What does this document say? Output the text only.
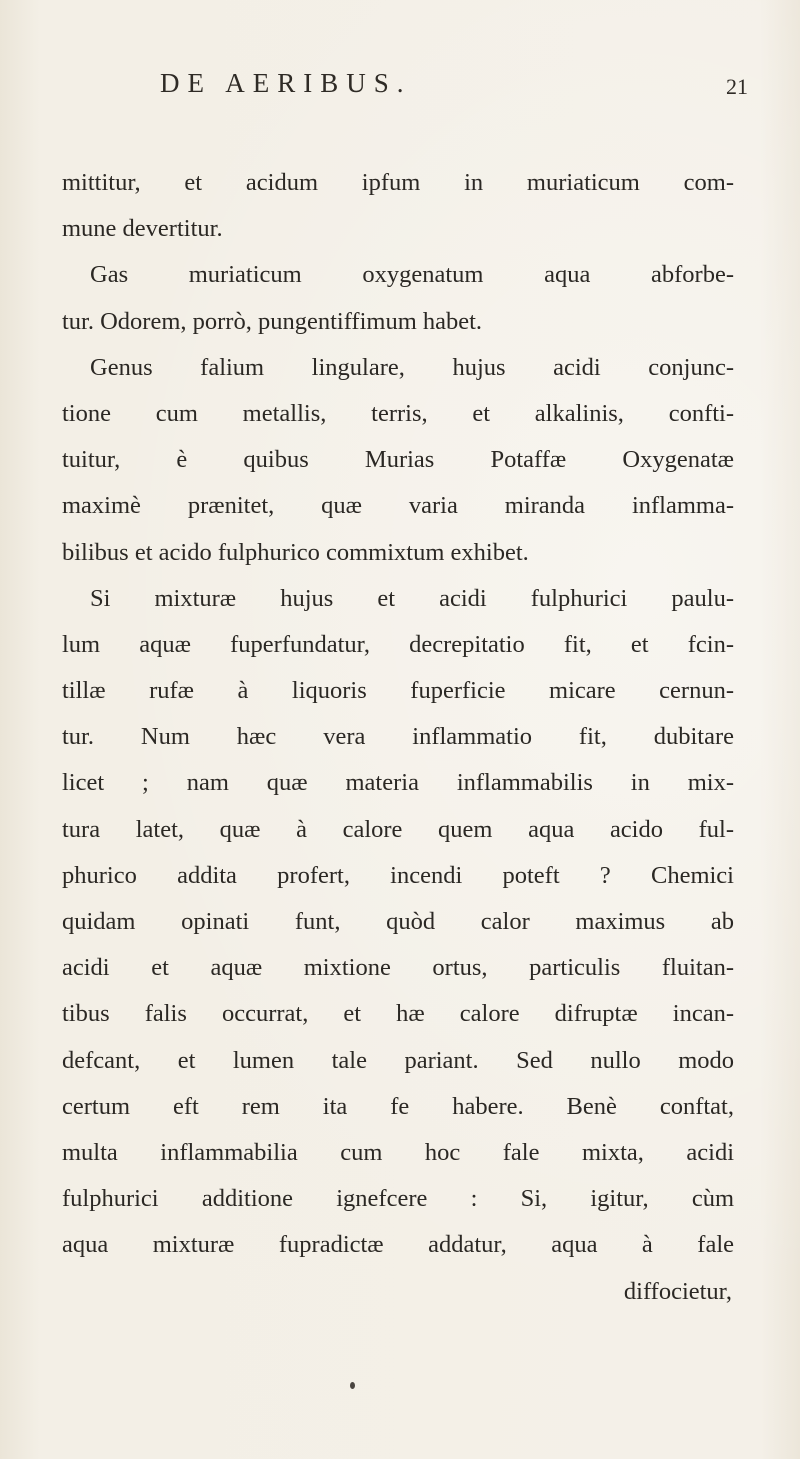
DE AERIBUS.	21
mittitur, et acidum ipfum in muriaticum com-
mune devertitur.
Gas muriaticum oxygenatum aqua abforbe-
tur. Odorem, porrò, pungentiffimum habet.
Genus falium lingulare, hujus acidi conjunc-
tione cum metallis, terris, et alkalinis, confti-
tuitur, è quibus Murias Potaffæ Oxygenatæ
maximè prænitet, quæ varia miranda inflamma-
bilibus et acido fulphurico commixtum exhibet.
Si mixturæ hujus et acidi fulphurici paulu-
lum aquæ fuperfundatur, decrepitatio fit, et fcin-
tillæ rufæ à liquoris fuperficie micare cernun-
tur. Num hæc vera inflammatio fit, dubitare
licet ; nam quæ materia inflammabilis in mix-
tura latet, quæ à calore quem aqua acido ful-
phurico addita profert, incendi poteft ? Chemici
quidam opinati funt, quòd calor maximus ab
acidi et aquæ mixtione ortus, particulis fluitan-
tibus falis occurrat, et hæ calore difruptæ incan-
defcant, et lumen tale pariant. Sed nullo modo
certum eft rem ita fe habere. Benè conftat,
multa inflammabilia cum hoc fale mixta, acidi
fulphurici additione ignefcere : Si, igitur, cùm
aqua mixturæ fupradictæ addatur, aqua à fale
diffocietur,
